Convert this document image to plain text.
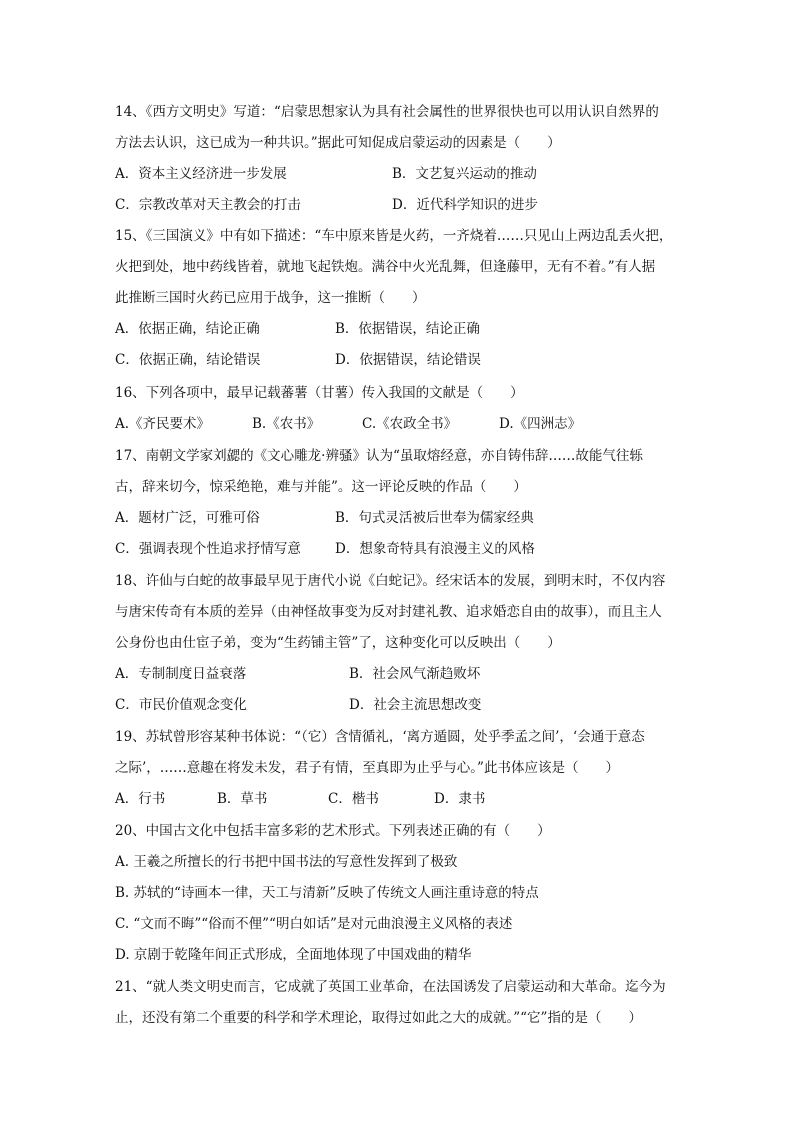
14、《西方文明史》写道：“启蒙思想家认为具有社会属性的世界很快也可以用认识自然界的
方法去认识，这已成为一种共识。”据此可知促成启蒙运动的因素是（　　）
A．资本主义经济进一步发展	B．文艺复兴运动的推动
C．宗教改革对天主教会的打击	D．近代科学知识的进步
15、《三国演义》中有如下描述：“车中原来皆是火药，一齐烧着……只见山上两边乱丢火把，
火把到处，地中药线皆着，就地飞起铁炮。满谷中火光乱舞，但逢藤甲，无有不着。”有人据
此推断三国时火药已应用于战争，这一推断（　　）
A．依据正确，结论正确	B．依据错误，结论正确
C．依据正确，结论错误	D．依据错误，结论错误
16、下列各项中，最早记载蕃薯（甘薯）传入我国的文献是（　　）
A.《齐民要术》	B.《农书》	C.《农政全书》	D.《四洲志》
17、南朝文学家刘勰的《文心雕龙·辨骚》认为“虽取熔经意，亦自铸伟辞……故能气往轹
古，辞来切今，惊采绝艳，难与并能”。这一评论反映的作品（　　）
A．题材广泛，可雅可俗	B．句式灵活被后世奉为儒家经典
C．强调表现个性追求抒情写意	D．想象奇特具有浪漫主义的风格
18、许仙与白蛇的故事最早见于唐代小说《白蛇记》。经宋话本的发展，到明末时，不仅内容
与唐宋传奇有本质的差异（由神怪故事变为反对封建礼教、追求婚恋自由的故事），而且主人
公身份也由仕宦子弟，变为“生药铺主管”了，这种变化可以反映出（　　）
A．专制制度日益衰落	B．社会风气渐趋败坏
C．市民价值观念变化	D．社会主流思想改变
19、苏轼曾形容某种书体说：“（它）含情循礼，‘离方遁圆，处乎季孟之间’，‘会通于意态
之际’，……意趣在将发未发，君子有情，至真即为止乎与心。”此书体应该是（　　）
A．行书	B．草书	C．楷书	D．隶书
20、中国古文化中包括丰富多彩的艺术形式。下列表述正确的有（　　）
A. 王羲之所擅长的行书把中国书法的写意性发挥到了极致
B. 苏轼的“诗画本一律，天工与清新”反映了传统文人画注重诗意的特点
C. “文而不晦”“俗而不俚”“明白如话”是对元曲浪漫主义风格的表述
D. 京剧于乾隆年间正式形成，全面地体现了中国戏曲的精华
21、“就人类文明史而言，它成就了英国工业革命，在法国诱发了启蒙运动和大革命。迄今为
止，还没有第二个重要的科学和学术理论，取得过如此之大的成就。”“它”指的是（　　）
